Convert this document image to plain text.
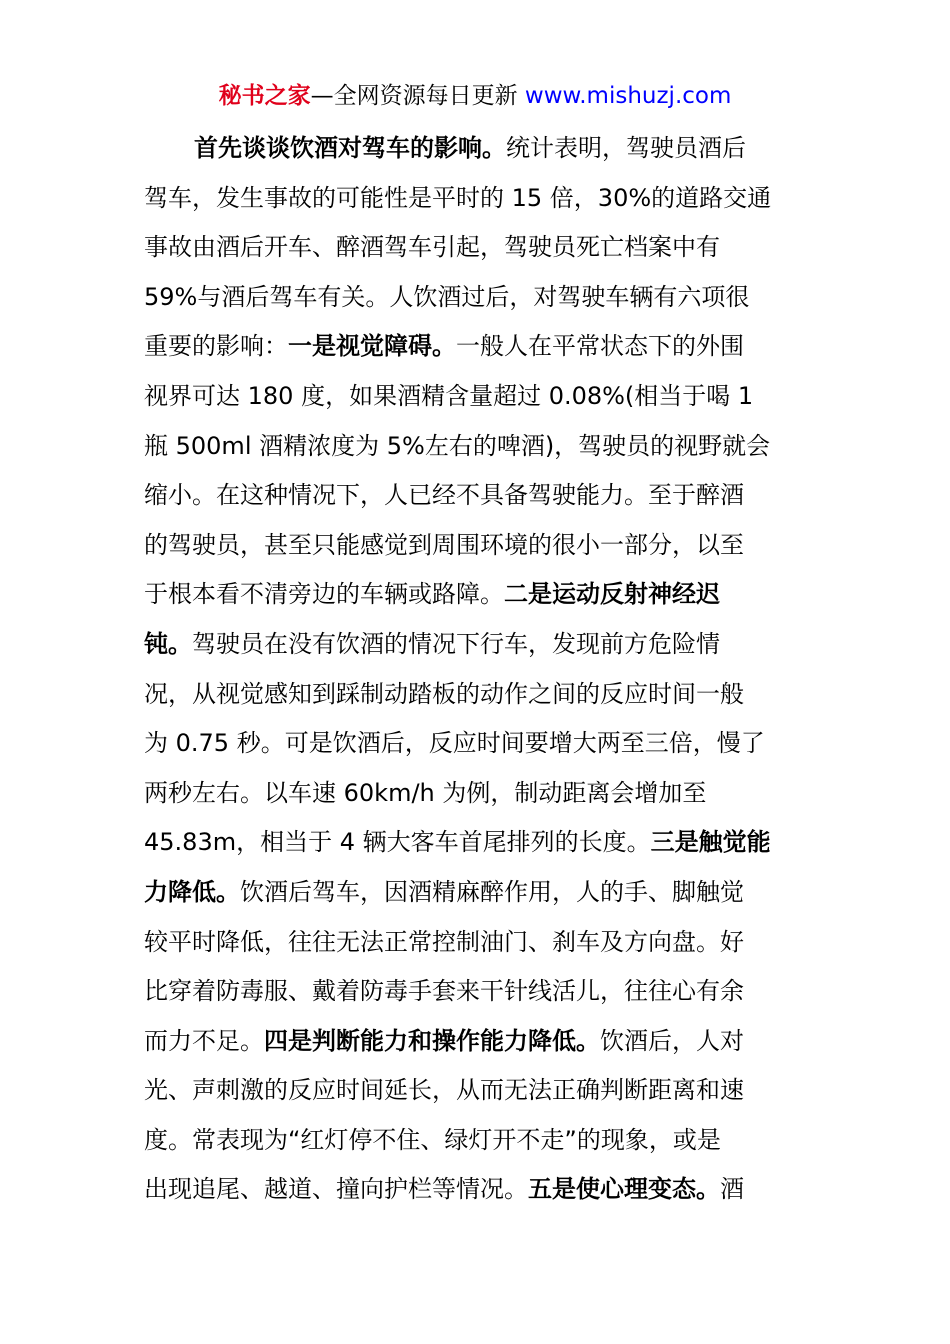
秘书之家—全网资源每日更新 www.mishuzj.com
首先谈谈饮酒对驾车的影响。统计表明，驾驶员酒后
驾车，发生事故的可能性是平时的 15 倍，30%的道路交通
事故由酒后开车、醉酒驾车引起，驾驶员死亡档案中有
59%与酒后驾车有关。人饮酒过后，对驾驶车辆有六项很
重要的影响：一是视觉障碍。一般人在平常状态下的外围
视界可达 180 度，如果酒精含量超过 0.08%(相当于喝 1
瓶 500ml 酒精浓度为 5%左右的啤酒)，驾驶员的视野就会
缩小。在这种情况下，人已经不具备驾驶能力。至于醉酒
的驾驶员，甚至只能感觉到周围环境的很小一部分，以至
于根本看不清旁边的车辆或路障。二是运动反射神经迟
钝。驾驶员在没有饮酒的情况下行车，发现前方危险情
况，从视觉感知到踩制动踏板的动作之间的反应时间一般
为 0.75 秒。可是饮酒后，反应时间要增大两至三倍，慢了
两秒左右。以车速 60km/h 为例，制动距离会增加至
45.83m，相当于 4 辆大客车首尾排列的长度。三是触觉能
力降低。饮酒后驾车，因酒精麻醉作用，人的手、脚触觉
较平时降低，往往无法正常控制油门、刹车及方向盘。好
比穿着防毒服、戴着防毒手套来干针线活儿，往往心有余
而力不足。四是判断能力和操作能力降低。饮酒后，人对
光、声刺激的反应时间延长，从而无法正确判断距离和速
度。常表现为“红灯停不住、绿灯开不走”的现象，或是
出现追尾、越道、撞向护栏等情况。五是使心理变态。酒
